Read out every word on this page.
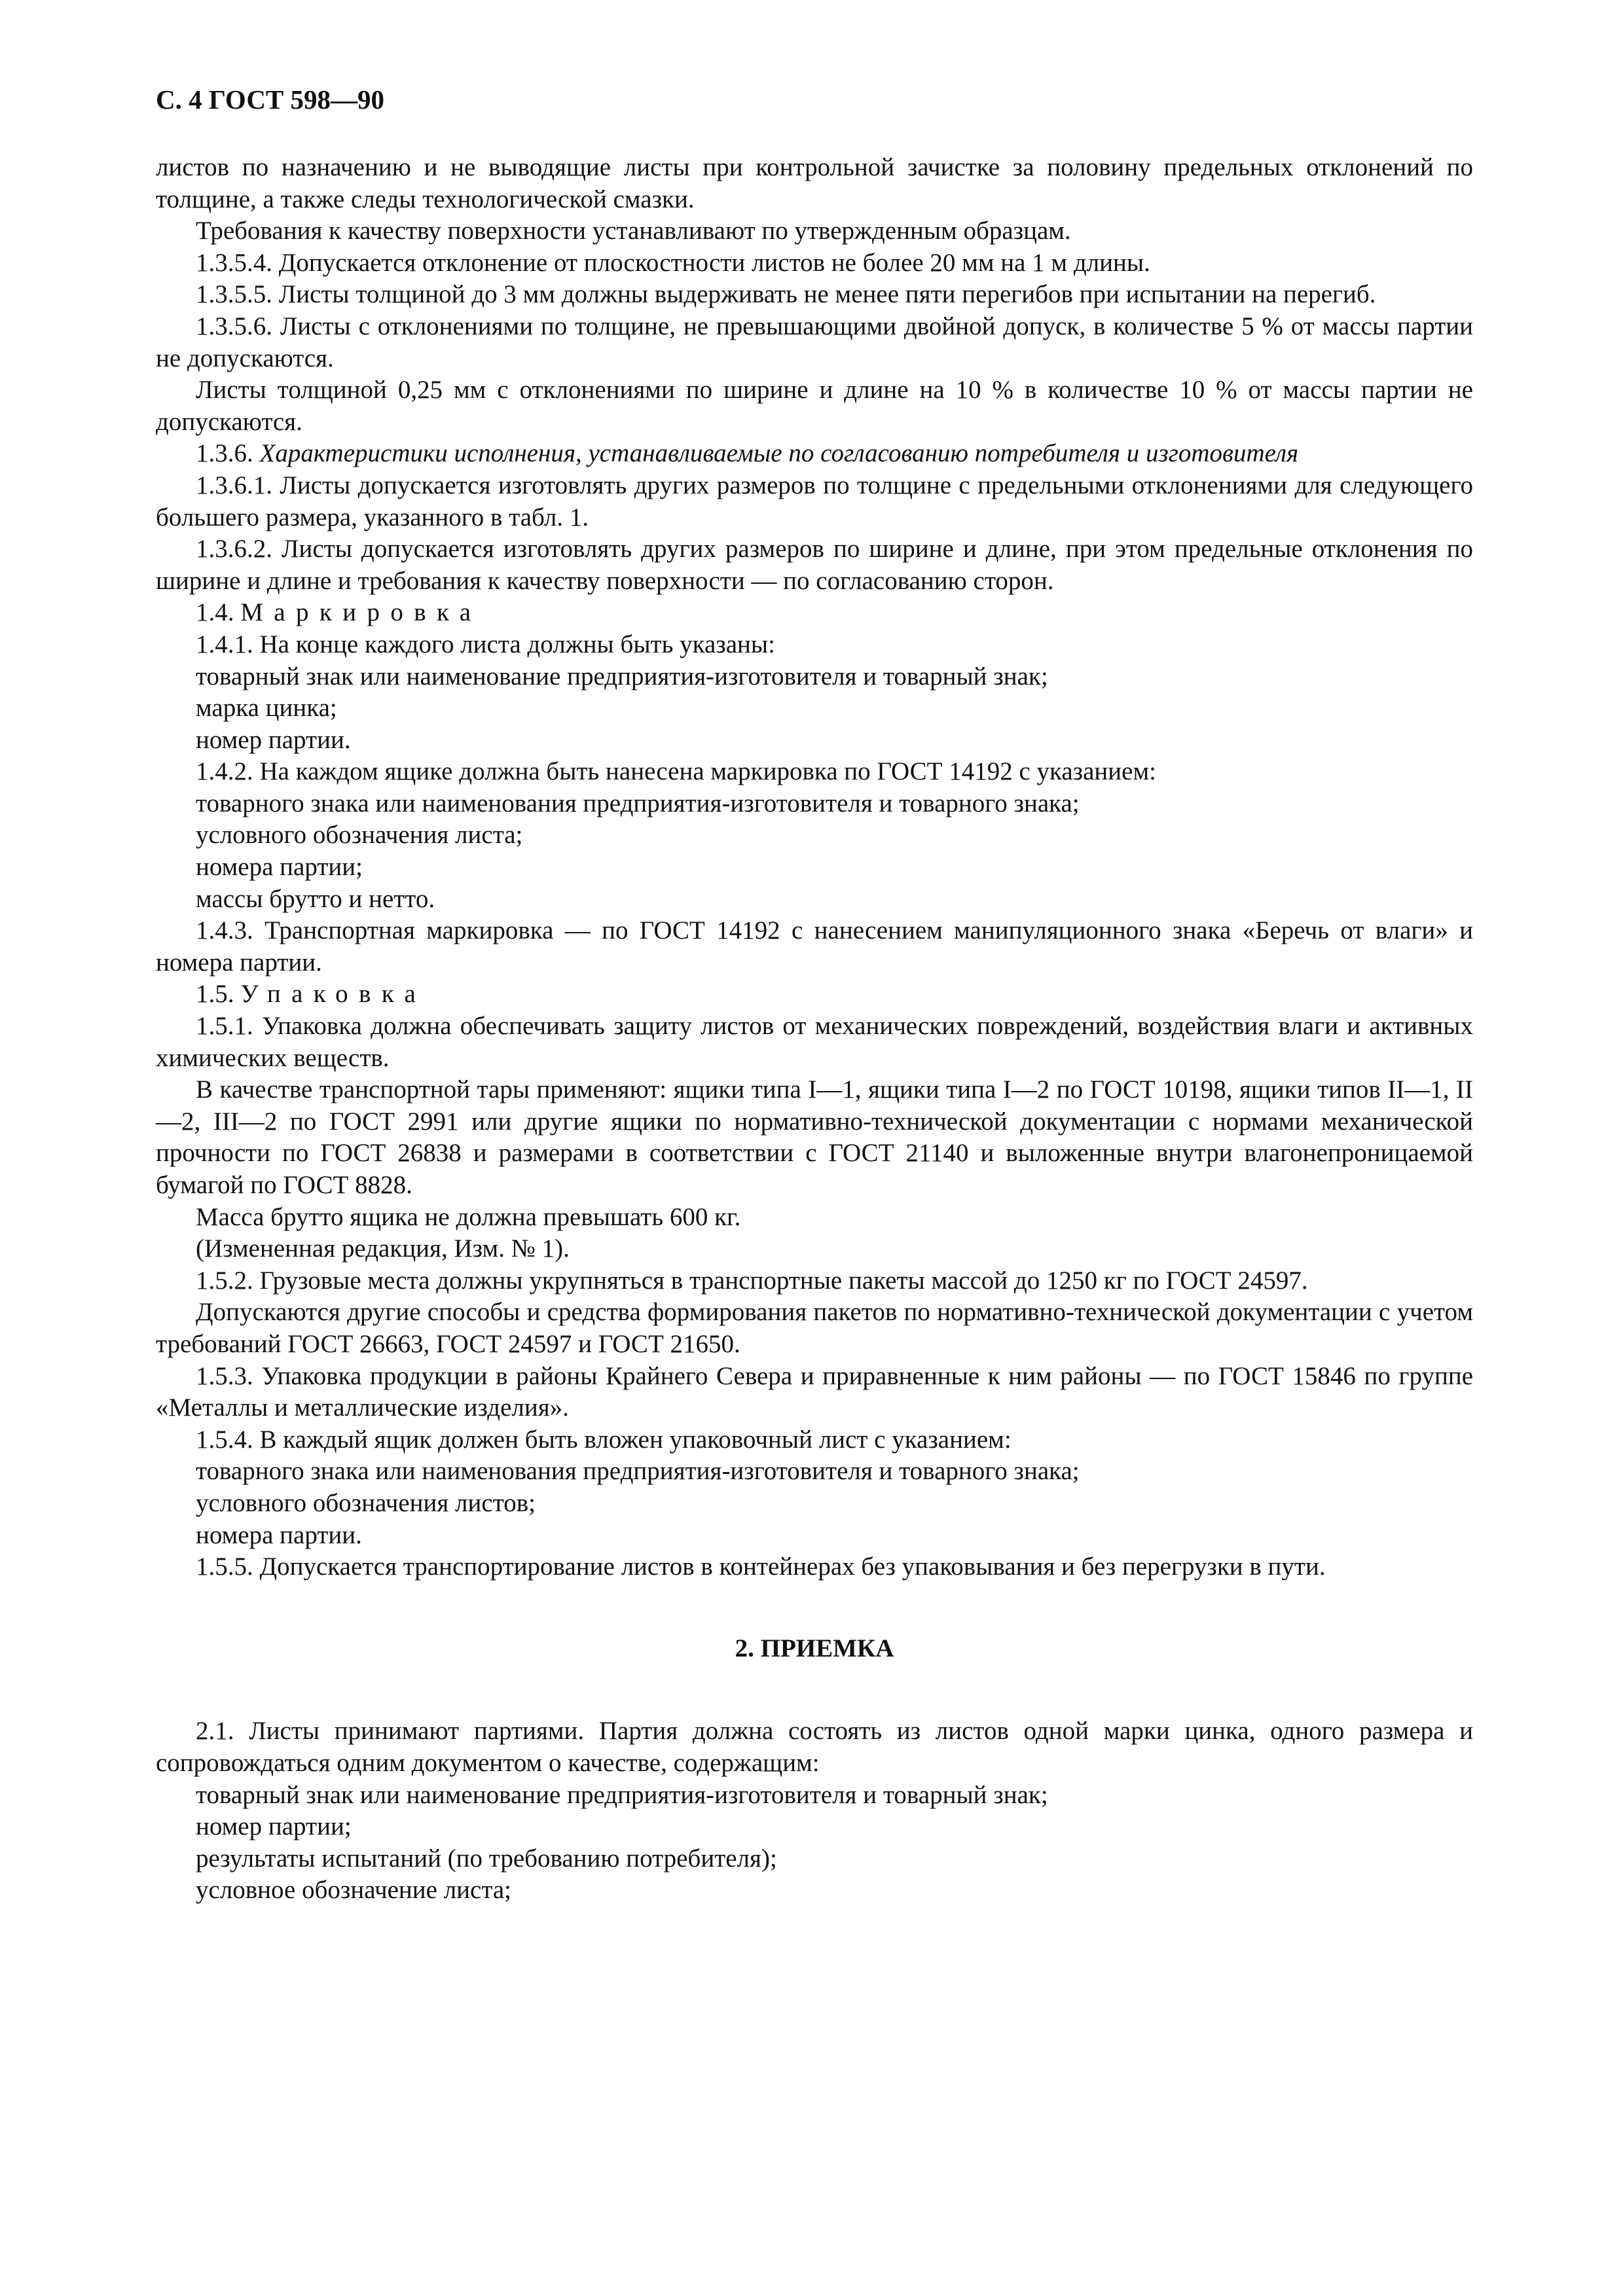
С. 4 ГОСТ 598—90

листов по назначению и не выводящие листы при контрольной зачистке за половину предельных отклонений по толщине, а также следы технологической смазки.

Требования к качеству поверхности устанавливают по утвержденным образцам.

1.3.5.4. Допускается отклонение от плоскостности листов не более 20 мм на 1 м длины.

1.3.5.5. Листы толщиной до 3 мм должны выдерживать не менее пяти перегибов при испытании на перегиб.

1.3.5.6. Листы с отклонениями по толщине, не превышающими двойной допуск, в количестве 5 % от массы партии не допускаются.

Листы толщиной 0,25 мм с отклонениями по ширине и длине на 10 % в количестве 10 % от массы партии не допускаются.

1.3.6. Характеристики исполнения, устанавливаемые по согласованию потребителя и изготовителя

1.3.6.1. Листы допускается изготовлять других размеров по толщине с предельными отклонениями для следующего большего размера, указанного в табл. 1.

1.3.6.2. Листы допускается изготовлять других размеров по ширине и длине, при этом предельные отклонения по ширине и длине и требования к качеству поверхности — по согласованию сторон.

1.4. Маркировка

1.4.1. На конце каждого листа должны быть указаны:

товарный знак или наименование предприятия-изготовителя и товарный знак;

марка цинка;

номер партии.

1.4.2. На каждом ящике должна быть нанесена маркировка по ГОСТ 14192 с указанием:

товарного знака или наименования предприятия-изготовителя и товарного знака;

условного обозначения листа;

номера партии;

массы брутто и нетто.

1.4.3. Транспортная маркировка — по ГОСТ 14192 с нанесением манипуляционного знака «Беречь от влаги» и номера партии.

1.5. Упаковка

1.5.1. Упаковка должна обеспечивать защиту листов от механических повреждений, воздействия влаги и активных химических веществ.

В качестве транспортной тары применяют: ящики типа I—1, ящики типа I—2 по ГОСТ 10198, ящики типов II—1, II—2, III—2 по ГОСТ 2991 или другие ящики по нормативно-технической документации с нормами механической прочности по ГОСТ 26838 и размерами в соответствии с ГОСТ 21140 и выложенные внутри влагонепроницаемой бумагой по ГОСТ 8828.

Масса брутто ящика не должна превышать 600 кг.

(Измененная редакция, Изм. № 1).

1.5.2. Грузовые места должны укрупняться в транспортные пакеты массой до 1250 кг по ГОСТ 24597.

Допускаются другие способы и средства формирования пакетов по нормативно-технической документации с учетом требований ГОСТ 26663, ГОСТ 24597 и ГОСТ 21650.

1.5.3. Упаковка продукции в районы Крайнего Севера и приравненные к ним районы — по ГОСТ 15846 по группе «Металлы и металлические изделия».

1.5.4. В каждый ящик должен быть вложен упаковочный лист с указанием:

товарного знака или наименования предприятия-изготовителя и товарного знака;

условного обозначения листов;

номера партии.

1.5.5. Допускается транспортирование листов в контейнерах без упаковывания и без перегрузки в пути.

2. ПРИЕМКА

2.1. Листы принимают партиями. Партия должна состоять из листов одной марки цинка, одного размера и сопровождаться одним документом о качестве, содержащим:

товарный знак или наименование предприятия-изготовителя и товарный знак;

номер партии;

результаты испытаний (по требованию потребителя);

условное обозначение листа;
